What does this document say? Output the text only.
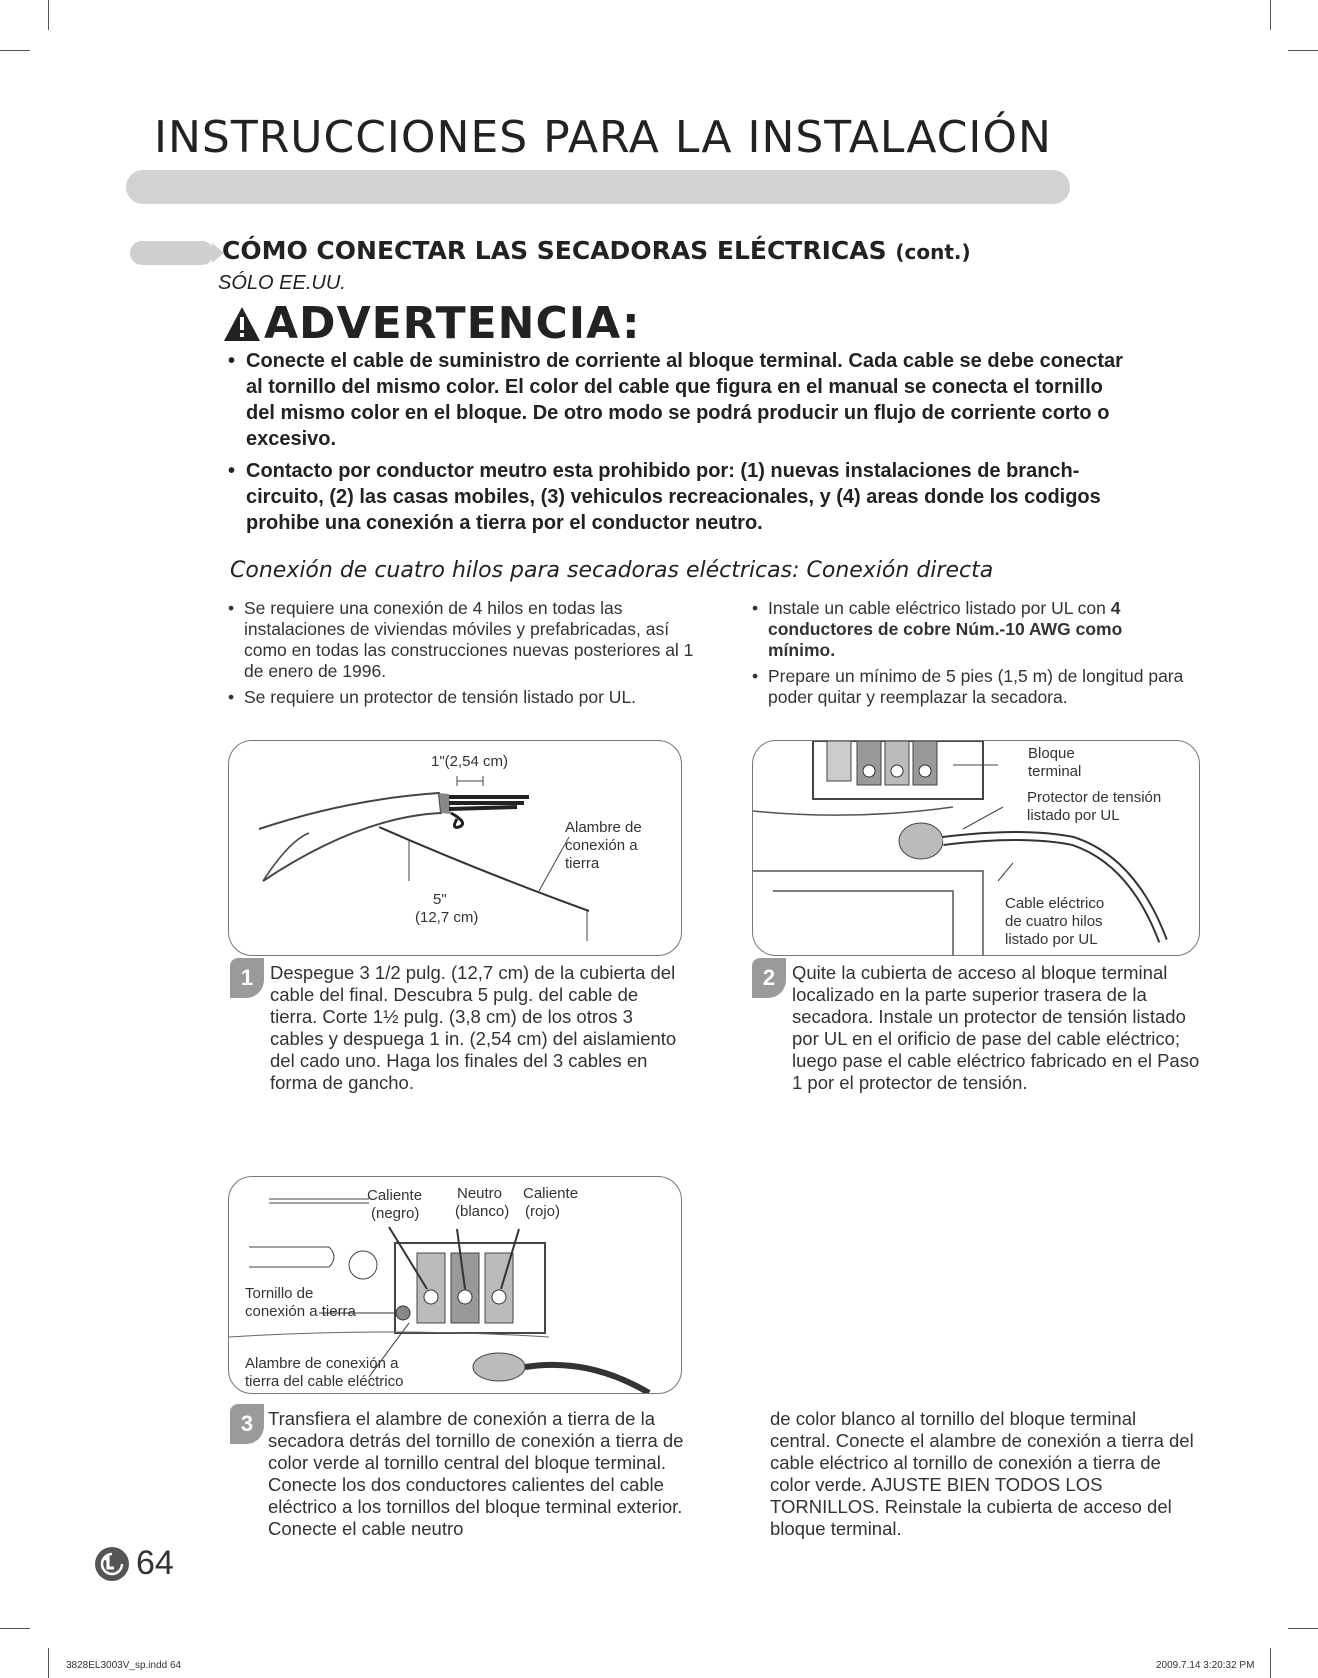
INSTRUCCIONES PARA LA INSTALACIÓN
CÓMO CONECTAR LAS SECADORAS ELÉCTRICAS (cont.)
SÓLO EE.UU.
ADVERTENCIA:
• Conecte el cable de suministro de corriente al bloque terminal. Cada cable se debe conectar al tornillo del mismo color. El color del cable que figura en el manual se conecta el tornillo del mismo color en el bloque. De otro modo se podrá producir un flujo de corriente corto o excesivo.
• Contacto por conductor meutro esta prohibido por: (1) nuevas instalaciones de branch-circuito, (2) las casas mobiles, (3) vehiculos recreacionales, y (4) areas donde los codigos prohibe una conexión a tierra por el conductor neutro.
Conexión de cuatro hilos para secadoras eléctricas: Conexión directa
• Se requiere una conexión de 4 hilos en todas las instalaciones de viviendas móviles y prefabricadas, así como en todas las construcciones nuevas posteriores al 1 de enero de 1996.
• Se requiere un protector de tensión listado por UL.
• Instale un cable eléctrico listado por UL con 4 conductores de cobre Núm.-10 AWG como mínimo.
• Prepare un mínimo de 5 pies (1,5 m) de longitud para poder quitar y reemplazar la secadora.
1"(2,54 cm)
Alambre de
conexión a
tierra
5"
(12,7 cm)
1 Despegue 3 1/2 pulg. (12,7 cm) de la cubierta del cable del final. Descubra 5 pulg. del cable de tierra. Corte 1½ pulg. (3,8 cm) de los otros 3 cables y despuega 1 in. (2,54 cm) del aislamiento del cado uno. Haga los finales del 3 cables en forma de gancho.
Bloque
terminal
Protector de tensión
listado por UL
Cable eléctrico
de cuatro hilos
listado por UL
2 Quite la cubierta de acceso al bloque terminal localizado en la parte superior trasera de la secadora. Instale un protector de tensión listado por UL en el orificio de pase del cable eléctrico; luego pase el cable eléctrico fabricado en el Paso 1 por el protector de tensión.
Caliente
(negro)
Neutro
(blanco)
Caliente
(rojo)
Tornillo de
conexión a tierra
Alambre de conexión a
tierra del cable eléctrico
3 Transfiera el alambre de conexión a tierra de la secadora detrás del tornillo de conexión a tierra de color verde al tornillo central del bloque terminal. Conecte los dos conductores calientes del cable eléctrico a los tornillos del bloque terminal exterior. Conecte el cable neutro
de color blanco al tornillo del bloque terminal central. Conecte el alambre de conexión a tierra del cable eléctrico al tornillo de conexión a tierra de color verde. AJUSTE BIEN TODOS LOS TORNILLOS. Reinstale la cubierta de acceso del bloque terminal.
64
3828EL3003V_sp.indd 64	2009.7.14 3:20:32 PM
